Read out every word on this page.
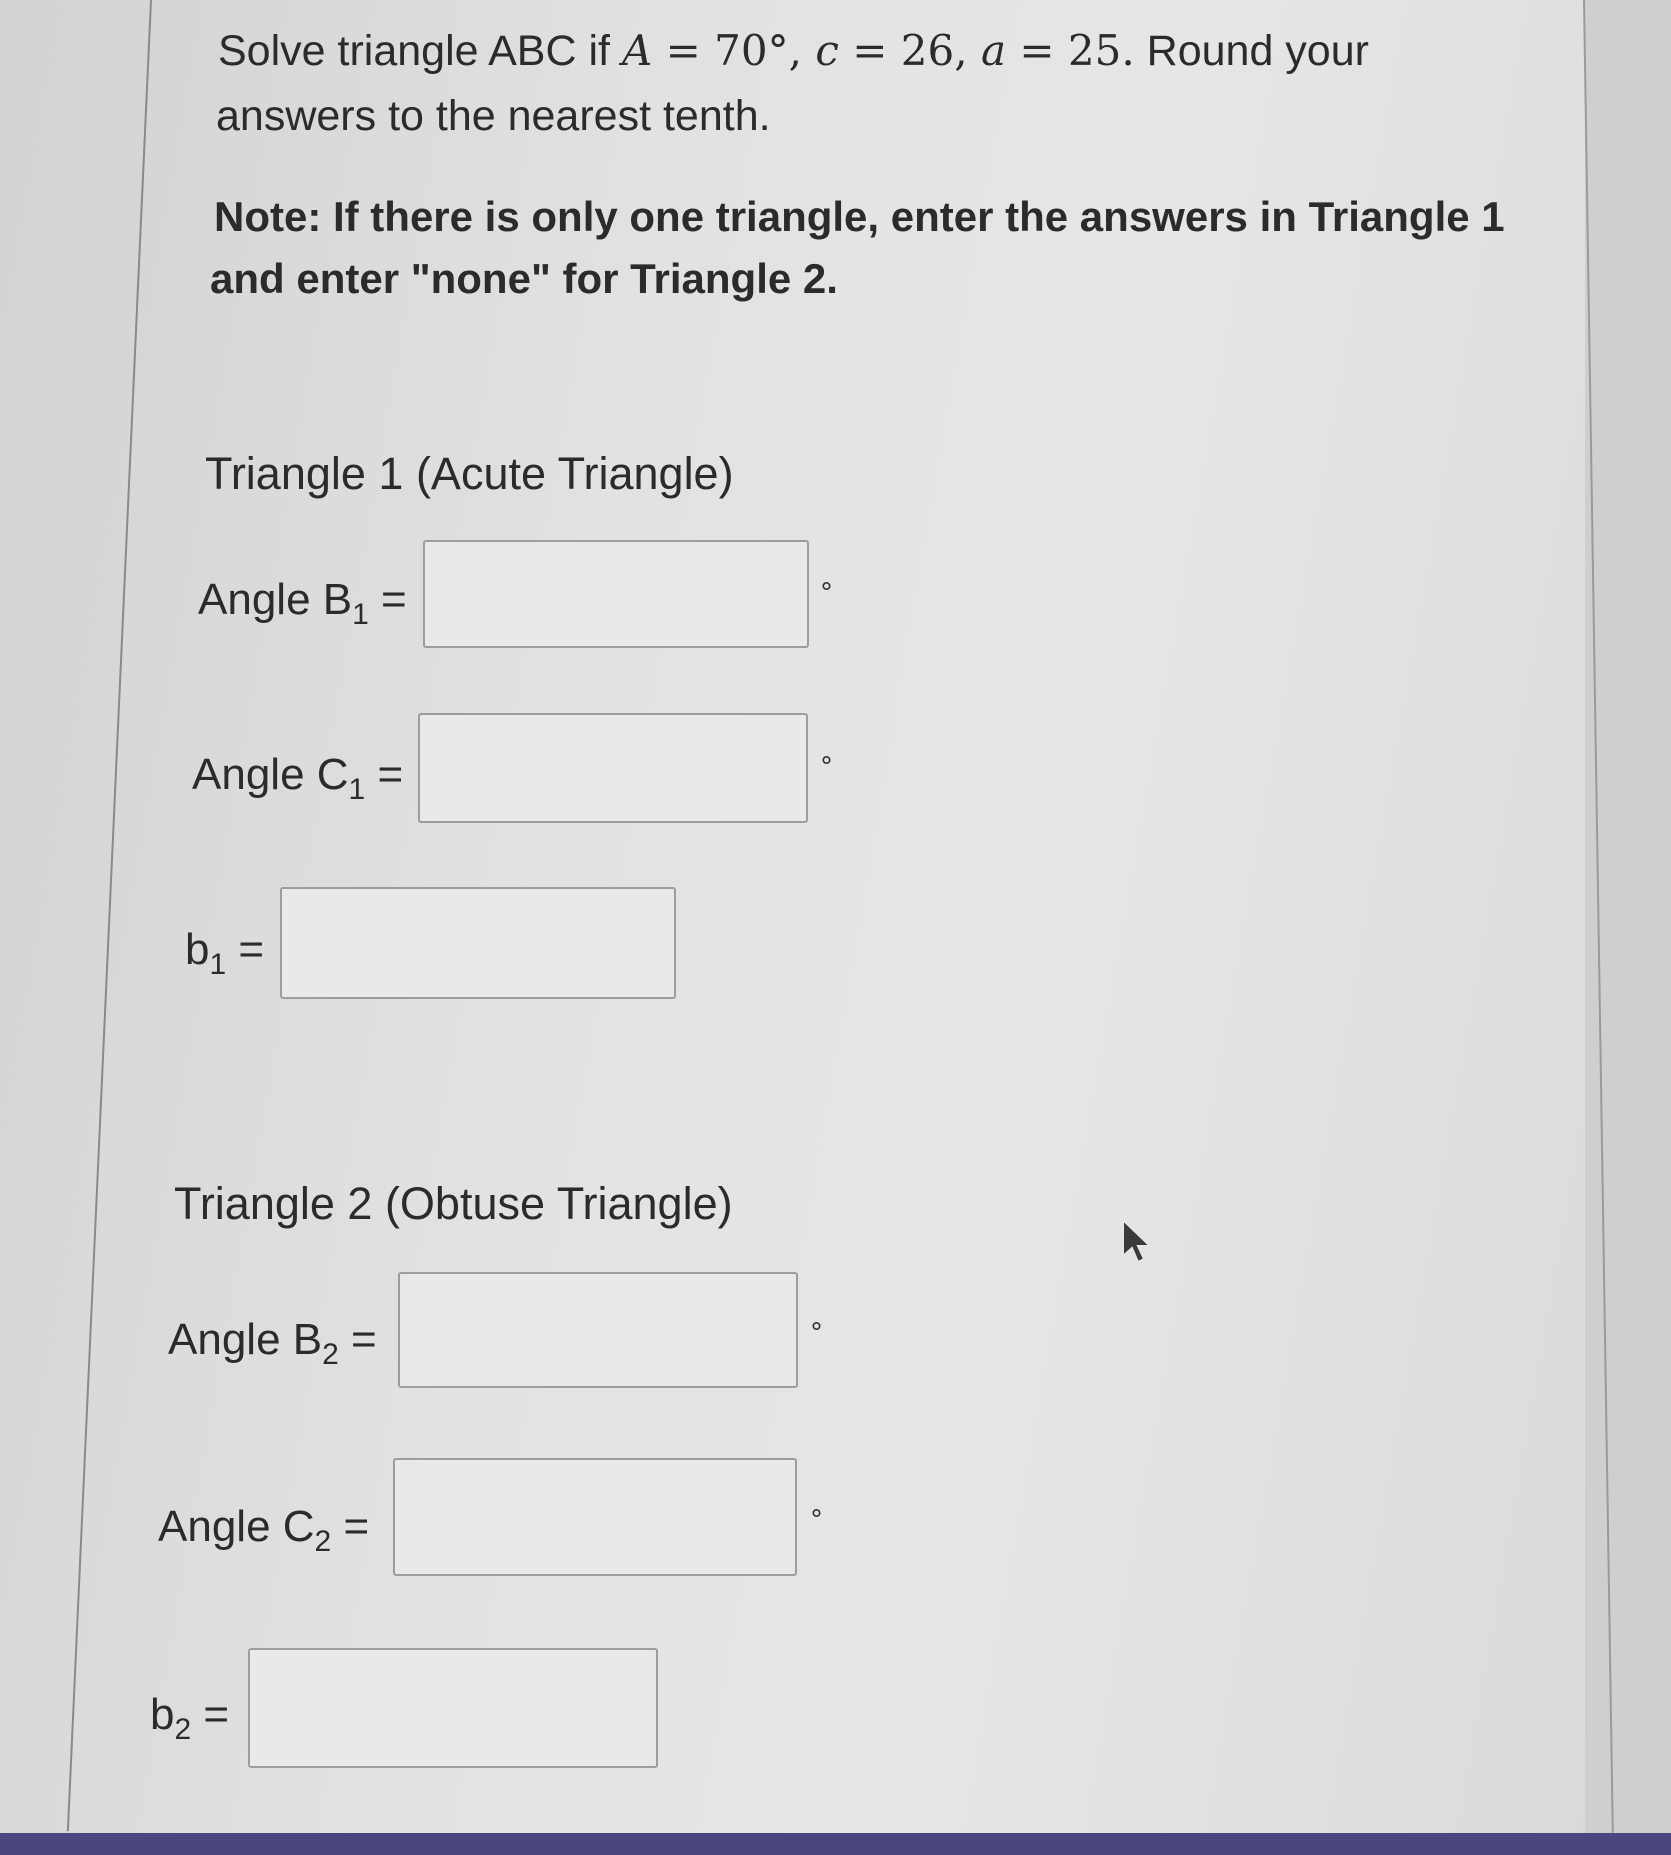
Solve triangle ABC if A = 70°, c = 26, a = 25. Round your
answers to the nearest tenth.
Note: If there is only one triangle, enter the answers in Triangle 1
and enter "none" for Triangle 2.
Triangle 1 (Acute Triangle)
Angle $B_1$ =	°
Angle $C_1$ =	°
$b_1$ =
Triangle 2 (Obtuse Triangle)
Angle $B_2$ =	°
Angle $C_2$ =	°
$b_2$ =
